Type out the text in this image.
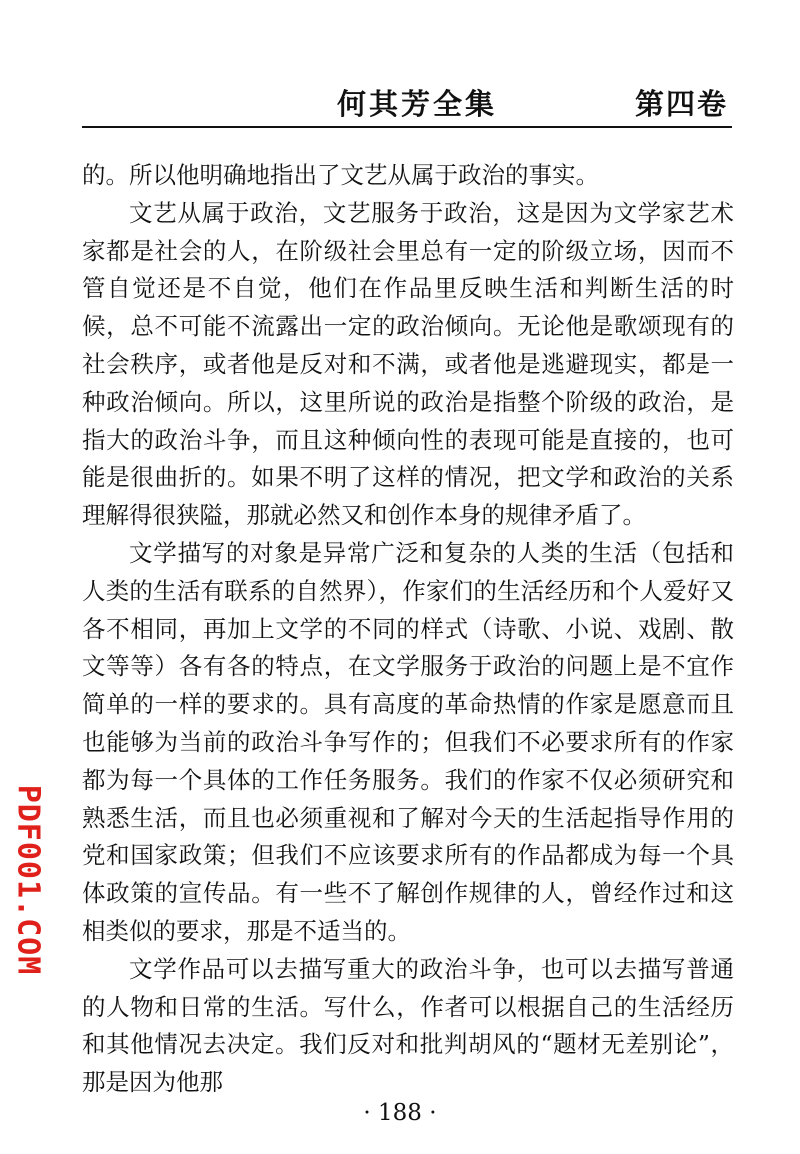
何其芳全集	第四卷

的。所以他明确地指出了文艺从属于政治的事实。

文艺从属于政治，文艺服务于政治，这是因为文学家艺术家都是社会的人，在阶级社会里总有一定的阶级立场，因而不管自觉还是不自觉，他们在作品里反映生活和判断生活的时候，总不可能不流露出一定的政治倾向。无论他是歌颂现有的社会秩序，或者他是反对和不满，或者他是逃避现实，都是一种政治倾向。所以，这里所说的政治是指整个阶级的政治，是指大的政治斗争，而且这种倾向性的表现可能是直接的，也可能是很曲折的。如果不明了这样的情况，把文学和政治的关系理解得很狭隘，那就必然又和创作本身的规律矛盾了。

文学描写的对象是异常广泛和复杂的人类的生活（包括和人类的生活有联系的自然界），作家们的生活经历和个人爱好又各不相同，再加上文学的不同的样式（诗歌、小说、戏剧、散文等等）各有各的特点，在文学服务于政治的问题上是不宜作简单的一样的要求的。具有高度的革命热情的作家是愿意而且也能够为当前的政治斗争写作的；但我们不必要求所有的作家都为每一个具体的工作任务服务。我们的作家不仅必须研究和熟悉生活，而且也必须重视和了解对今天的生活起指导作用的党和国家政策；但我们不应该要求所有的作品都成为每一个具体政策的宣传品。有一些不了解创作规律的人，曾经作过和这相类似的要求，那是不适当的。

文学作品可以去描写重大的政治斗争，也可以去描写普通的人物和日常的生活。写什么，作者可以根据自己的生活经历和其他情况去决定。我们反对和批判胡风的“题材无差别论”，那是因为他那

PDF001.COM
· 188 ·
